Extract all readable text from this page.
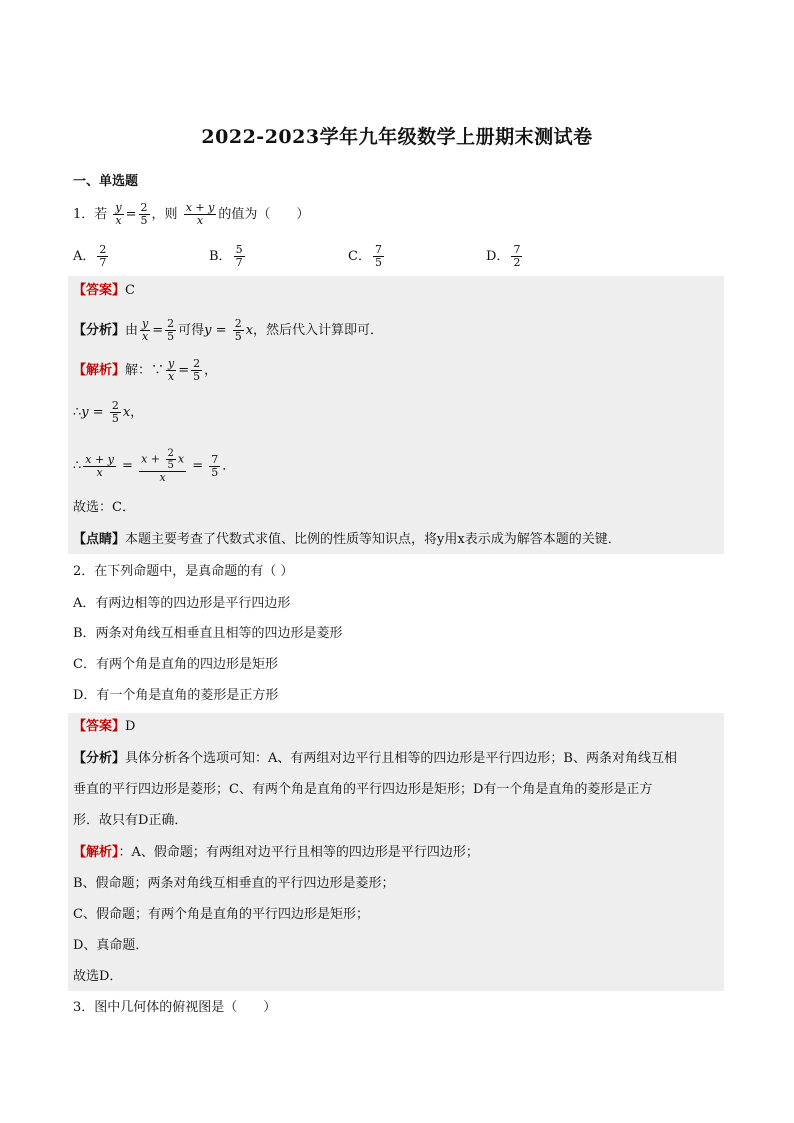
2022-2023学年九年级数学上册期末测试卷
一、单选题
1．若 $\frac{y}{x} = \frac{2}{5}$ ，则 $\frac{x + y}{x}$ 的值为（　　）
A． $\frac{2}{7}$	B． $\frac{5}{7}$	C． $\frac{7}{5}$	D． $\frac{7}{2}$
【答案】C
【分析】由 $\frac{y}{x} = \frac{2}{5}$ 可得$y = \frac{2}{5}$ x，然后代入计算即可．
【解析】解：∵ $\frac{y}{x} = \frac{2}{5}$ ，
∴y = $\frac{2}{5}$ x，
∴ $\frac{x + y}{x} = \frac{x + \frac{2}{5} x}{x} = \frac{7}{5}$ ．
故选：C．
【点睛】本题主要考查了代数式求值、比例的性质等知识点，将y用x表示成为解答本题的关键．
2．在下列命题中，是真命题的有（ ）
A．有两边相等的四边形是平行四边形
B．两条对角线互相垂直且相等的四边形是菱形
C．有两个角是直角的四边形是矩形
D．有一个角是直角的菱形是正方形
【答案】D
【分析】具体分析各个选项可知：A、有两组对边平行且相等的四边形是平行四边形；B、两条对角线互相
垂直的平行四边形是菱形；C、有两个角是直角的平行四边形是矩形；D有一个角是直角的菱形是正方
形．故只有D正确．
【解析】：A、假命题；有两组对边平行且相等的四边形是平行四边形；
B、假命题；两条对角线互相垂直的平行四边形是菱形；
C、假命题；有两个角是直角的平行四边形是矩形；
D、真命题．
故选D．
3．图中几何体的俯视图是（　　）
